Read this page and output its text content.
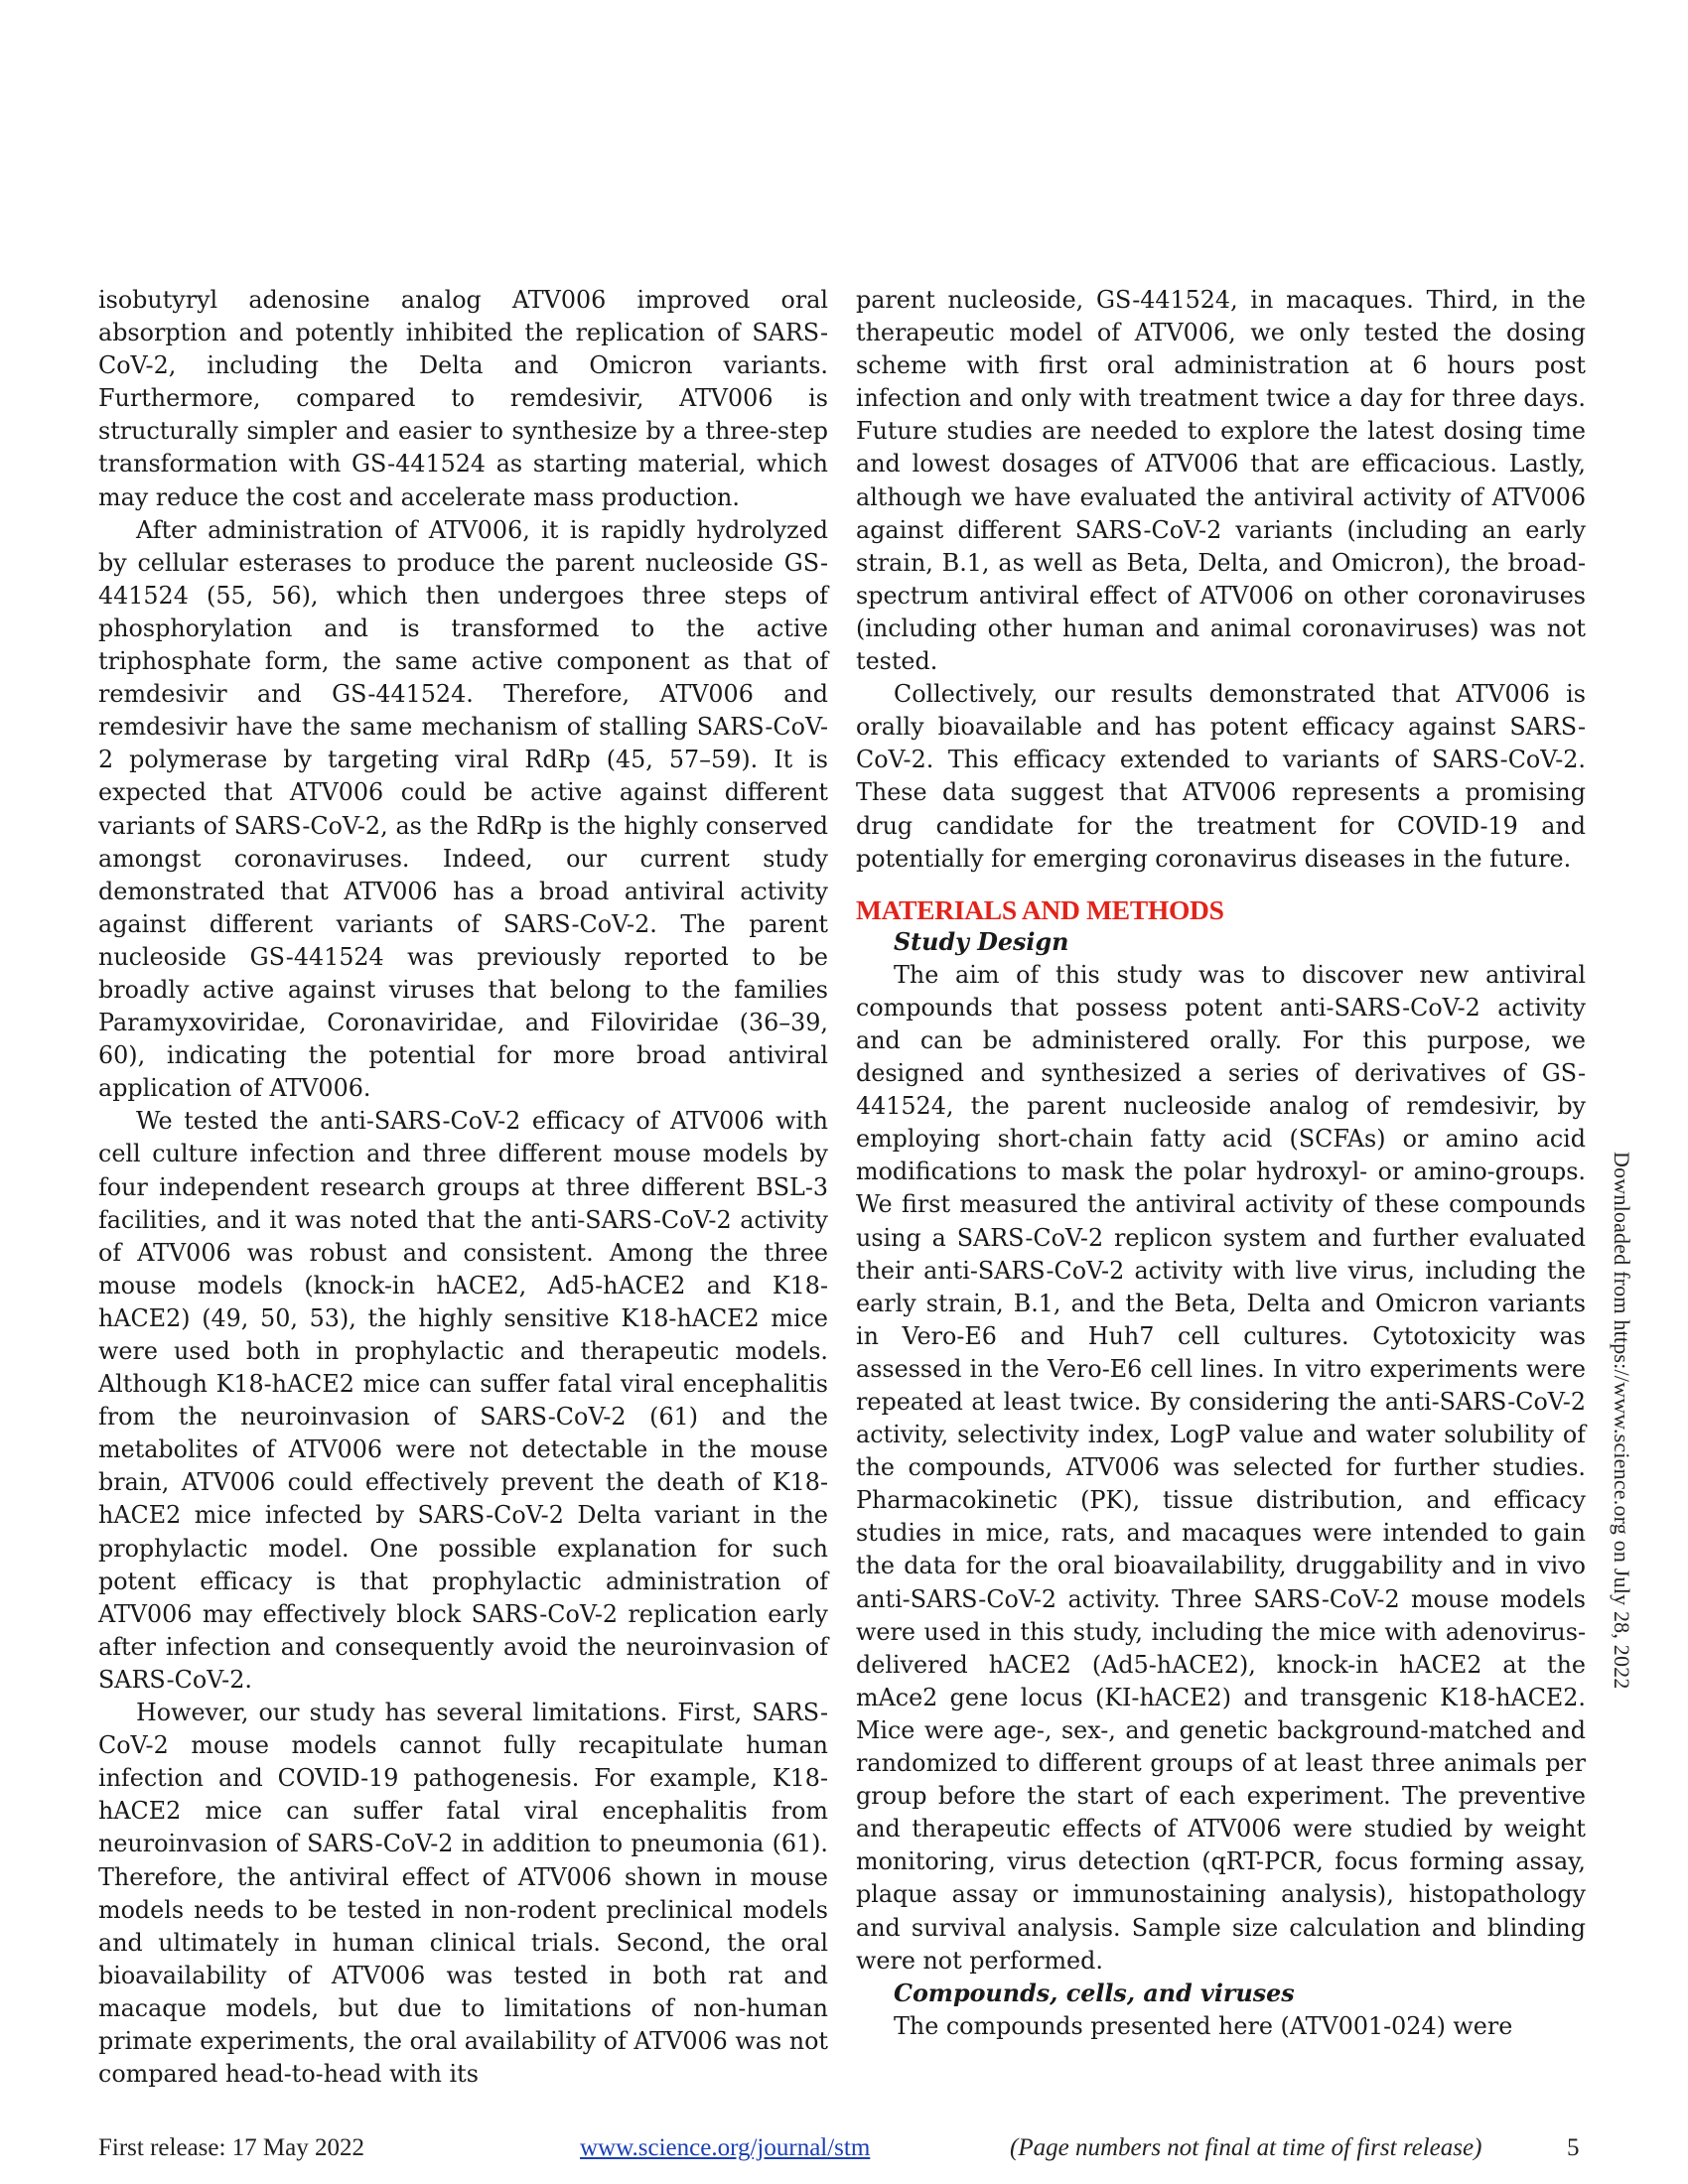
isobutyryl adenosine analog ATV006 improved oral absorption and potently inhibited the replication of SARS-CoV-2, including the Delta and Omicron variants. Furthermore, compared to remdesivir, ATV006 is structurally simpler and easier to synthesize by a three-step transformation with GS-441524 as starting material, which may reduce the cost and accelerate mass production.

After administration of ATV006, it is rapidly hydrolyzed by cellular esterases to produce the parent nucleoside GS-441524 (55, 56), which then undergoes three steps of phosphorylation and is transformed to the active triphosphate form, the same active component as that of remdesivir and GS-441524. Therefore, ATV006 and remdesivir have the same mechanism of stalling SARS-CoV-2 polymerase by targeting viral RdRp (45, 57–59). It is expected that ATV006 could be active against different variants of SARS-CoV-2, as the RdRp is the highly conserved amongst coronaviruses. Indeed, our current study demonstrated that ATV006 has a broad antiviral activity against different variants of SARS-CoV-2. The parent nucleoside GS-441524 was previously reported to be broadly active against viruses that belong to the families Paramyxoviridae, Coronaviridae, and Filoviridae (36–39, 60), indicating the potential for more broad antiviral application of ATV006.

We tested the anti-SARS-CoV-2 efficacy of ATV006 with cell culture infection and three different mouse models by four independent research groups at three different BSL-3 facilities, and it was noted that the anti-SARS-CoV-2 activity of ATV006 was robust and consistent. Among the three mouse models (knock-in hACE2, Ad5-hACE2 and K18-hACE2) (49, 50, 53), the highly sensitive K18-hACE2 mice were used both in prophylactic and therapeutic models. Although K18-hACE2 mice can suffer fatal viral encephalitis from the neuroinvasion of SARS-CoV-2 (61) and the metabolites of ATV006 were not detectable in the mouse brain, ATV006 could effectively prevent the death of K18-hACE2 mice infected by SARS-CoV-2 Delta variant in the prophylactic model. One possible explanation for such potent efficacy is that prophylactic administration of ATV006 may effectively block SARS-CoV-2 replication early after infection and consequently avoid the neuroinvasion of SARS-CoV-2.

However, our study has several limitations. First, SARS-CoV-2 mouse models cannot fully recapitulate human infection and COVID-19 pathogenesis. For example, K18-hACE2 mice can suffer fatal viral encephalitis from neuroinvasion of SARS-CoV-2 in addition to pneumonia (61). Therefore, the antiviral effect of ATV006 shown in mouse models needs to be tested in non-rodent preclinical models and ultimately in human clinical trials. Second, the oral bioavailability of ATV006 was tested in both rat and macaque models, but due to limitations of non-human primate experiments, the oral availability of ATV006 was not compared head-to-head with its

parent nucleoside, GS-441524, in macaques. Third, in the therapeutic model of ATV006, we only tested the dosing scheme with first oral administration at 6 hours post infection and only with treatment twice a day for three days. Future studies are needed to explore the latest dosing time and lowest dosages of ATV006 that are efficacious. Lastly, although we have evaluated the antiviral activity of ATV006 against different SARS-CoV-2 variants (including an early strain, B.1, as well as Beta, Delta, and Omicron), the broad-spectrum antiviral effect of ATV006 on other coronaviruses (including other human and animal coronaviruses) was not tested.

Collectively, our results demonstrated that ATV006 is orally bioavailable and has potent efficacy against SARS-CoV-2. This efficacy extended to variants of SARS-CoV-2. These data suggest that ATV006 represents a promising drug candidate for the treatment for COVID-19 and potentially for emerging coronavirus diseases in the future.

MATERIALS AND METHODS
Study Design

The aim of this study was to discover new antiviral compounds that possess potent anti-SARS-CoV-2 activity and can be administered orally. For this purpose, we designed and synthesized a series of derivatives of GS-441524, the parent nucleoside analog of remdesivir, by employing short-chain fatty acid (SCFAs) or amino acid modifications to mask the polar hydroxyl- or amino-groups. We first measured the antiviral activity of these compounds using a SARS-CoV-2 replicon system and further evaluated their anti-SARS-CoV-2 activity with live virus, including the early strain, B.1, and the Beta, Delta and Omicron variants in Vero-E6 and Huh7 cell cultures. Cytotoxicity was assessed in the Vero-E6 cell lines. In vitro experiments were repeated at least twice. By considering the anti-SARS-CoV-2 activity, selectivity index, LogP value and water solubility of the compounds, ATV006 was selected for further studies. Pharmacokinetic (PK), tissue distribution, and efficacy studies in mice, rats, and macaques were intended to gain the data for the oral bioavailability, druggability and in vivo anti-SARS-CoV-2 activity. Three SARS-CoV-2 mouse models were used in this study, including the mice with adenovirus-delivered hACE2 (Ad5-hACE2), knock-in hACE2 at the mAce2 gene locus (KI-hACE2) and transgenic K18-hACE2. Mice were age-, sex-, and genetic background-matched and randomized to different groups of at least three animals per group before the start of each experiment. The preventive and therapeutic effects of ATV006 were studied by weight monitoring, virus detection (qRT-PCR, focus forming assay, plaque assay or immunostaining analysis), histopathology and survival analysis. Sample size calculation and blinding were not performed.

Compounds, cells, and viruses

The compounds presented here (ATV001-024) were

Downloaded from https://www.science.org on July 28, 2022
First release: 17 May 2022	www.science.org/journal/stm	(Page numbers not final at time of first release)	5
